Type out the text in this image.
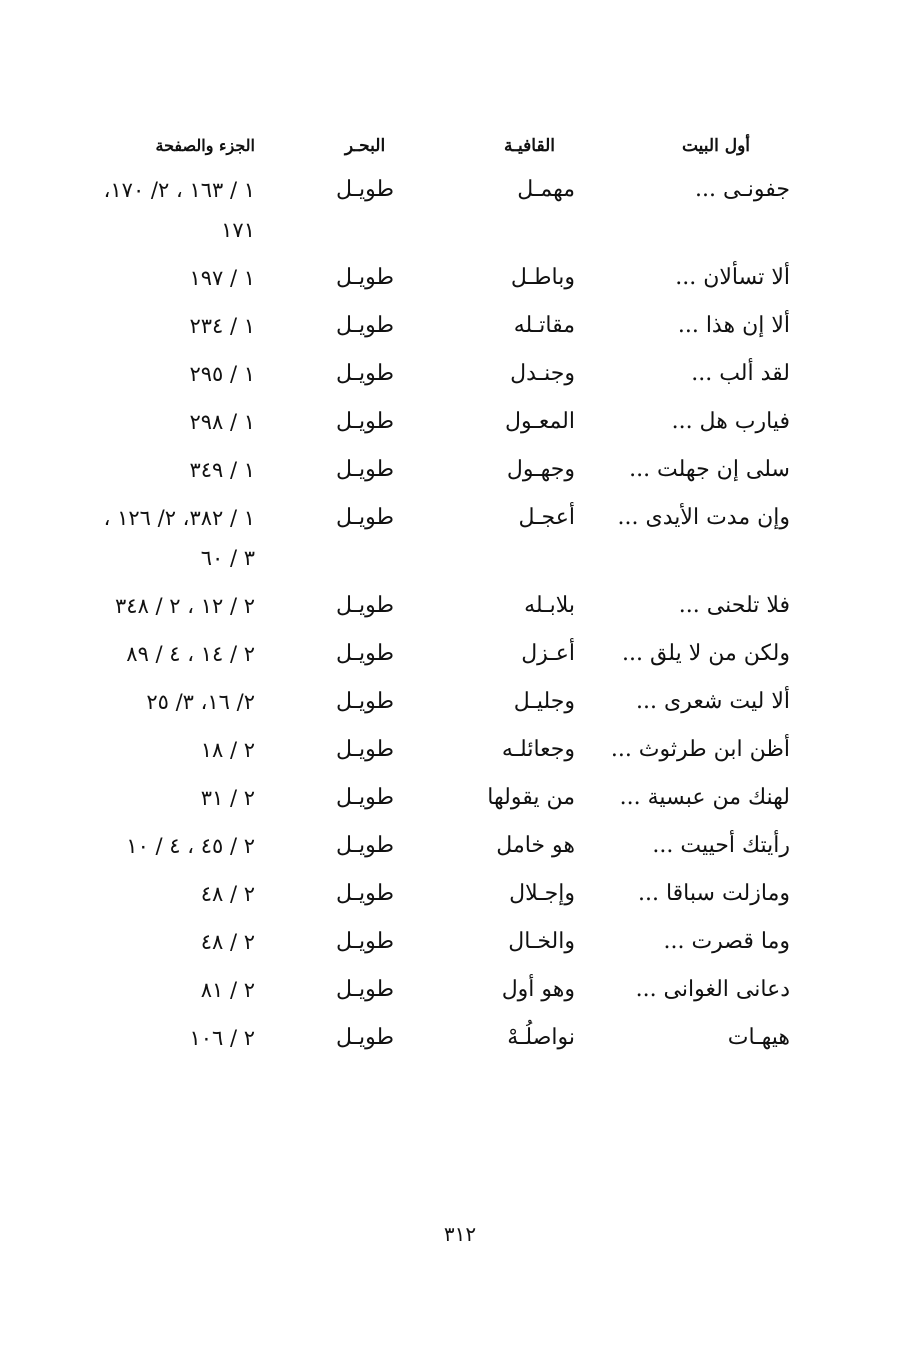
أول البيت
القافيـة
البحـر
الجزء والصفحة
جفونـى ...
مهمـل
طويـل
١ / ١٦٣ ، ٢/ ١٧٠، ١٧١
ألا تسألان ...
وباطـل
طويـل
١ / ١٩٧
ألا إن هذا ...
مقاتـله
طويـل
١ / ٢٣٤
لقد ألب ...
وجنـدل
طويـل
١ / ٢٩٥
فيارب هل ...
المعـول
طويـل
١ / ٢٩٨
سلى إن جهلت ...
وجهـول
طويـل
١ / ٣٤٩
وإن مدت الأيدى ...
أعجـل
طويـل
١ / ٣٨٢، ٢/ ١٢٦ ، ٣ / ٦٠
فلا تلحنى ...
بلابـله
طويـل
٢ / ١٢ ، ٢ / ٣٤٨
ولكن من لا يلق ...
أعـزل
طويـل
٢ / ١٤ ، ٤ / ٨٩
ألا ليت شعرى ...
وجليـل
طويـل
٢/ ١٦، ٣/ ٢٥
أظن ابن طرثوث ...
وجعائلـه
طويـل
٢ / ١٨
لهنك من عبسية ...
من يقولها
طويـل
٢ / ٣١
رأيتك أحييت ...
هو خامل
طويـل
٢ / ٤٥ ، ٤ / ١٠
ومازلت سباقا ...
وإجـلال
طويـل
٢ / ٤٨
وما قصرت ...
والخـال
طويـل
٢ / ٤٨
دعانى الغوانى ...
وهو أول
طويـل
٢ / ٨١
هيهـات
نواصلُـهْ
طويـل
٢ / ١٠٦
٣١٢
